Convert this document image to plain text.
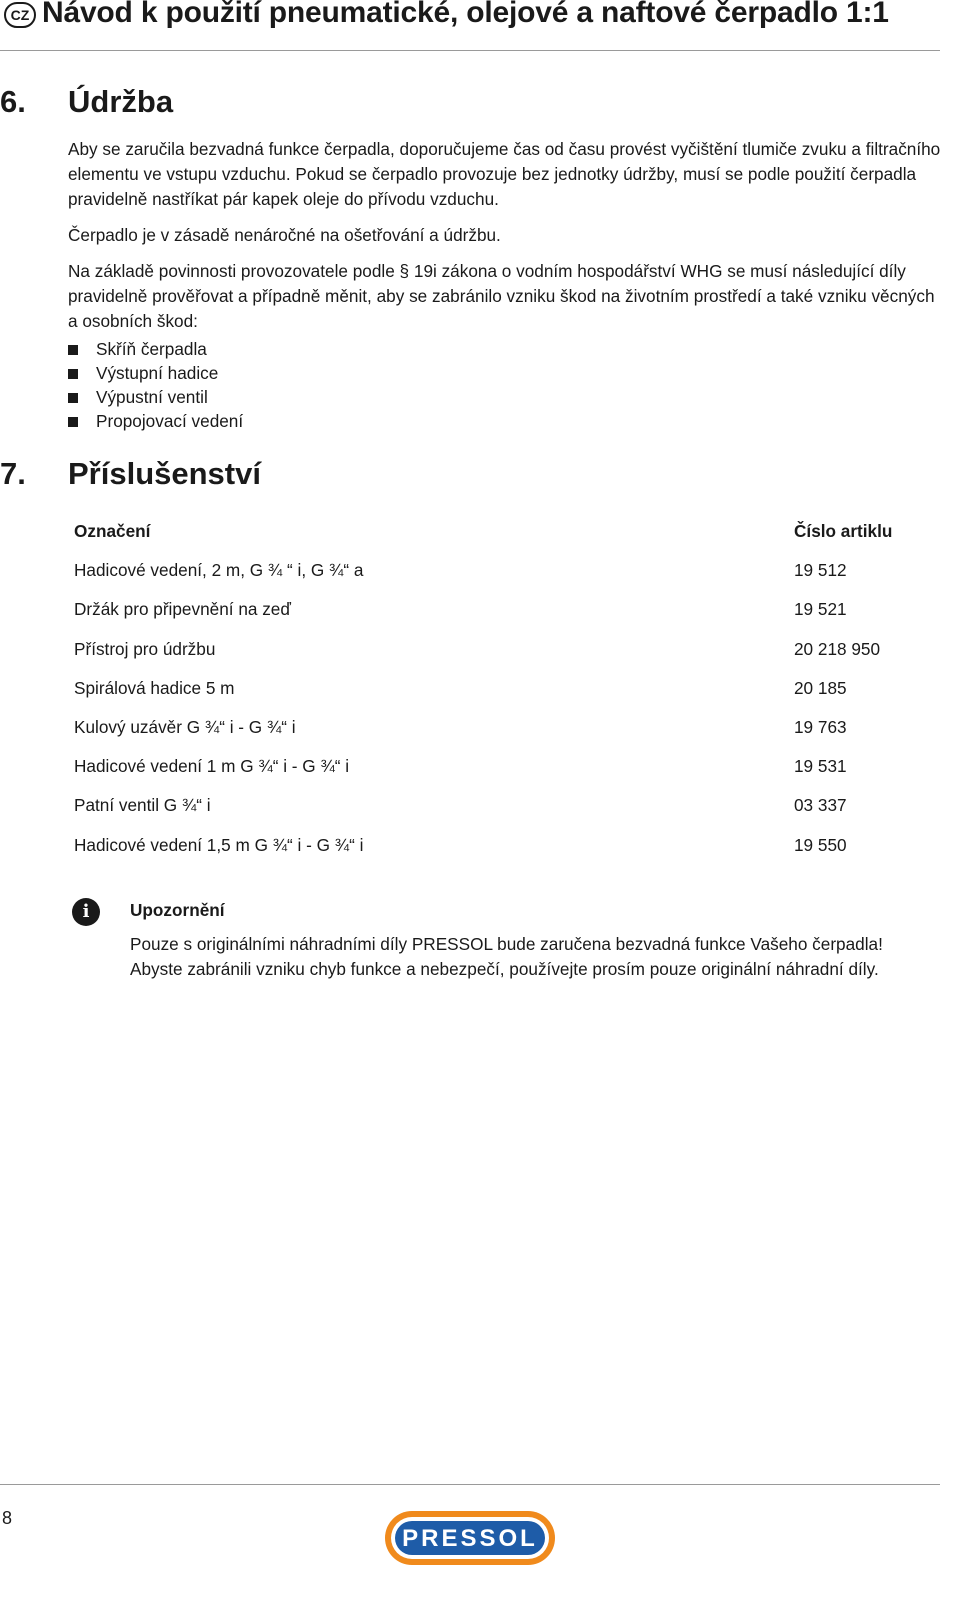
CZ Návod k použití pneumatické, olejové a naftové čerpadlo 1:1
6. Údržba

Aby se zaručila bezvadná funkce čerpadla, doporučujeme čas od času provést vyčištění tlumiče zvuku a filtračního elementu ve vstupu vzduchu. Pokud se čerpadlo provozuje bez jednotky údržby, musí se podle použití čerpadla pravidelně nastříkat pár kapek oleje do přívodu vzduchu.

Čerpadlo je v zásadě nenáročné na ošetřování a údržbu.

Na základě povinnosti provozovatele podle § 19i zákona o vodním hospodářství WHG se musí následující díly pravidelně prověřovat a případně měnit, aby se zabránilo vzniku škod na životním prostředí a také vzniku věcných a osobních škod:

Skříň čerpadla
Výstupní hadice
Výpustní ventil
Propojovací vedení
7. Příslušenství
Označení	Číslo artiklu
Hadicové vedení, 2 m, G ¾ “ i, G ¾“ a	19 512
Držák pro připevnění na zeď	19 521
Přístroj pro údržbu	20 218 950
Spirálová hadice 5 m	20 185
Kulový uzávěr G ¾“ i - G ¾“ i	19 763
Hadicové vedení 1 m G ¾“ i - G ¾“ i	19 531
Patní ventil G ¾“ i	03 337
Hadicové vedení 1,5 m G ¾“ i - G ¾“ i	19 550
i	Upozornění
Pouze s originálními náhradními díly PRESSOL bude zaručena bezvadná funkce Vašeho čerpadla!
Abyste zabránili vzniku chyb funkce a nebezpečí, používejte prosím pouze originální náhradní díly.
8
PRESSOL
